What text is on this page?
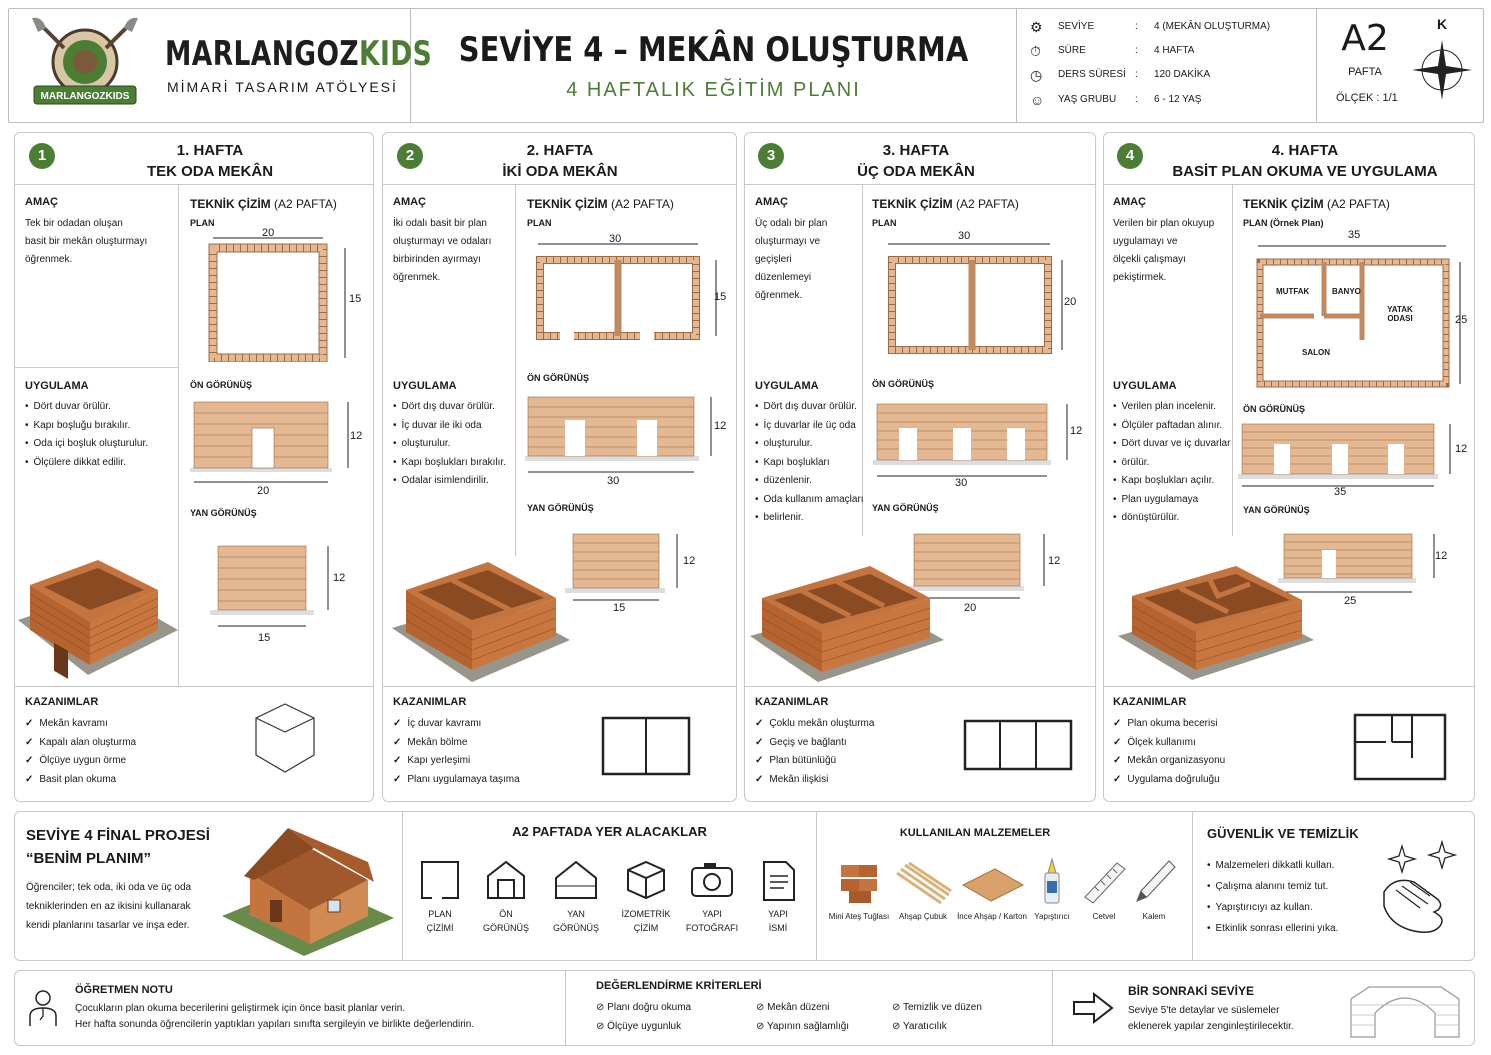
MARLANGOZKIDS
MARLANGOZKIDS
MİMARİ TASARIM ATÖLYESİ
SEVİYE 4 – MEKÂN OLUŞTURMA
4 HAFTALIK EĞİTİM PLANI
⚙ SEVİYE	: 4 (MEKÂN OLUŞTURMA)
⏱ SÜRE	: 4 HAFTA
◷ DERS SÜRESİ : 120 DAKİKA
☺ YAŞ GRUBU : 6 - 12 YAŞ
A2
PAFTA
ÖLÇEK : 1/1
K
1	1. HAFTA
TEK ODA MEKÂN
AMAÇ
Tek bir odadan oluşan
basit bir mekân oluşturmayı
öğrenmek.
TEKNİK ÇİZİM (A2 PAFTA)
PLAN
20
15
ÖN GÖRÜNÜŞ
12
20
YAN GÖRÜNÜŞ
12
15
UYGULAMA
• Dört duvar örülür.
• Kapı boşluğu bırakılır.
• Oda içi boşluk oluşturulur.
• Ölçülere dikkat edilir.
KAZANIMLAR
✓ Mekân kavramı
✓ Kapalı alan oluşturma
✓ Ölçüye uygun örme
✓ Basit plan okuma
2	2. HAFTA
İKİ ODA MEKÂN
AMAÇ
İki odalı basit bir plan
oluşturmayı ve odaları
birbirinden ayırmayı
öğrenmek.
TEKNİK ÇİZİM (A2 PAFTA)
PLAN
30
15
ÖN GÖRÜNÜŞ
12
30
YAN GÖRÜNÜŞ
12
15
UYGULAMA
• Dört dış duvar örülür.
• İç duvar ile iki oda
• oluşturulur.
• Kapı boşlukları bırakılır.
• Odalar isimlendirilir.
KAZANIMLAR
✓ İç duvar kavramı
✓ Mekân bölme
✓ Kapı yerleşimi
✓ Planı uygulamaya taşıma
3	3. HAFTA
ÜÇ ODA MEKÂN
AMAÇ
Üç odalı bir plan
oluşturmayı ve
geçişleri
düzenlemeyi
öğrenmek.
TEKNİK ÇİZİM (A2 PAFTA)
PLAN
30
20
ÖN GÖRÜNÜŞ
12
30
YAN GÖRÜNÜŞ
12
20
UYGULAMA
• Dört dış duvar örülür.
• İç duvarlar ile üç oda
• oluşturulur.
• Kapı boşlukları
• düzenlenir.
• Oda kullanım amaçları
• belirlenir.
KAZANIMLAR
✓ Çoklu mekân oluşturma
✓ Geçiş ve bağlantı
✓ Plan bütünlüğü
✓ Mekân ilişkisi
4	4. HAFTA
BASİT PLAN OKUMA VE UYGULAMA
AMAÇ
Verilen bir plan okuyup
uygulamayı ve
ölçekli çalışmayı
pekiştirmek.
TEKNİK ÇİZİM (A2 PAFTA)
PLAN (Örnek Plan)
35
25
MUTFAK	BANYO
YATAK ODASI
SALON
ÖN GÖRÜNÜŞ
12
35
YAN GÖRÜNÜŞ
12
25
UYGULAMA
• Verilen plan incelenir.
• Ölçüler paftadan alınır.
• Dört duvar ve iç duvarlar
• örülür.
• Kapı boşlukları açılır.
• Plan uygulamaya
• dönüştürülür.
KAZANIMLAR
✓ Plan okuma becerisi
✓ Ölçek kullanımı
✓ Mekân organizasyonu
✓ Uygulama doğruluğu
SEVİYE 4 FİNAL PROJESİ
“BENİM PLANIM”
Öğrenciler; tek oda, iki oda ve üç oda
tekniklerinden en az ikisini kullanarak
kendi planlarını tasarlar ve inşa eder.
A2 PAFTADA YER ALACAKLAR
PLAN
ÇİZİMİ
ÖN
GÖRÜNÜŞ
YAN
GÖRÜNÜŞ
İZOMETRİK
ÇİZİM
YAPI
FOTOĞRAFI
YAPI
İSMİ
KULLANILAN MALZEMELER
Mini Ateş Tuğlası	Ahşap Çubuk	İnce Ahşap / Karton Yapıştırıcı	Cetvel	Kalem
GÜVENLİK VE TEMİZLİK
• Malzemeleri dikkatli kullan.
• Çalışma alanını temiz tut.
• Yapıştırıcıyı az kullan.
• Etkinlik sonrası ellerini yıka.
ÖĞRETMEN NOTU
Çocukların plan okuma becerilerini geliştirmek için önce basit planlar verin.
Her hafta sonunda öğrencilerin yaptıkları yapıları sınıfta sergileyin ve birlikte değerlendirin.
DEĞERLENDİRME KRİTERLERİ
⊘ Planı doğru okuma	⊘ Mekân düzeni	⊘ Temizlik ve düzen
⊘ Ölçüye uygunluk	⊘ Yapının sağlamlığı	⊘ Yaratıcılık
BİR SONRAKİ SEVİYE
Seviye 5'te detaylar ve süslemeler
eklenerek yapılar zenginleştirilecektir.
